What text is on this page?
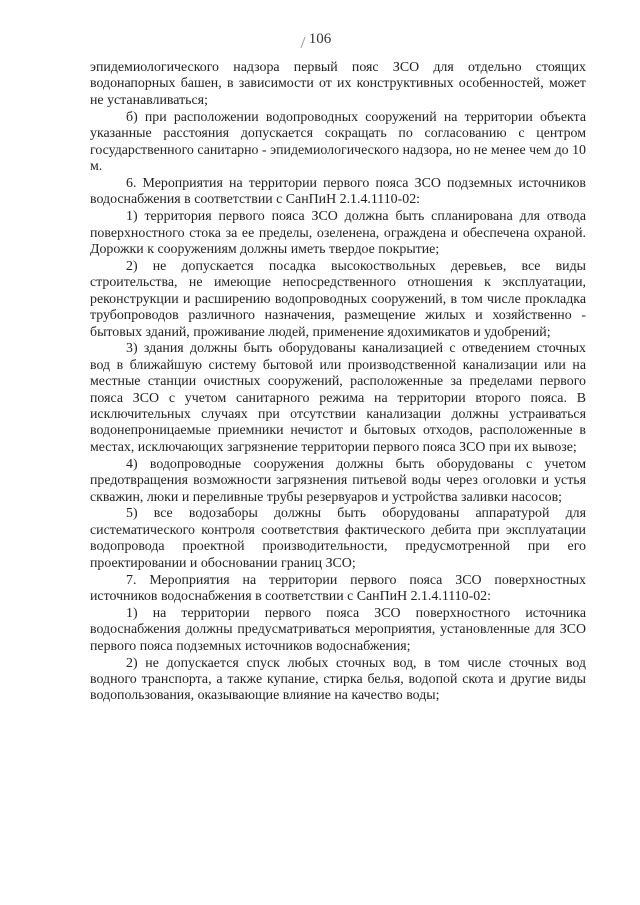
106

эпидемиологического надзора первый пояс ЗСО для отдельно стоящих водонапорных башен, в зависимости от их конструктивных особенностей, может не устанавливаться;

б) при расположении водопроводных сооружений на территории объекта указанные расстояния допускается сокращать по согласованию с центром государственного санитарно - эпидемиологического надзора, но не менее чем до 10 м.

6. Мероприятия на территории первого пояса ЗСО подземных источников водоснабжения в соответствии с СанПиН 2.1.4.1110-02:

1) территория первого пояса ЗСО должна быть спланирована для отвода поверхностного стока за ее пределы, озеленена, ограждена и обеспечена охраной. Дорожки к сооружениям должны иметь твердое покрытие;

2) не допускается посадка высокоствольных деревьев, все виды строительства, не имеющие непосредственного отношения к эксплуатации, реконструкции и расширению водопроводных сооружений, в том числе прокладка трубопроводов различного назначения, размещение жилых и хозяйственно - бытовых зданий, проживание людей, применение ядохимикатов и удобрений;

3) здания должны быть оборудованы канализацией с отведением сточных вод в ближайшую систему бытовой или производственной канализации или на местные станции очистных сооружений, расположенные за пределами первого пояса ЗСО с учетом санитарного режима на территории второго пояса. В исключительных случаях при отсутствии канализации должны устраиваться водонепроницаемые приемники нечистот и бытовых отходов, расположенные в местах, исключающих загрязнение территории первого пояса ЗСО при их вывозе;

4) водопроводные сооружения должны быть оборудованы с учетом предотвращения возможности загрязнения питьевой воды через оголовки и устья скважин, люки и переливные трубы резервуаров и устройства заливки насосов;

5) все водозаборы должны быть оборудованы аппаратурой для систематического контроля соответствия фактического дебита при эксплуатации водопровода проектной производительности, предусмотренной при его проектировании и обосновании границ ЗСО;

7. Мероприятия на территории первого пояса ЗСО поверхностных источников водоснабжения в соответствии с СанПиН 2.1.4.1110-02:

1) на территории первого пояса ЗСО поверхностного источника водоснабжения должны предусматриваться мероприятия, установленные для ЗСО первого пояса подземных источников водоснабжения;

2) не допускается спуск любых сточных вод, в том числе сточных вод водного транспорта, а также купание, стирка белья, водопой скота и другие виды водопользования, оказывающие влияние на качество воды;
